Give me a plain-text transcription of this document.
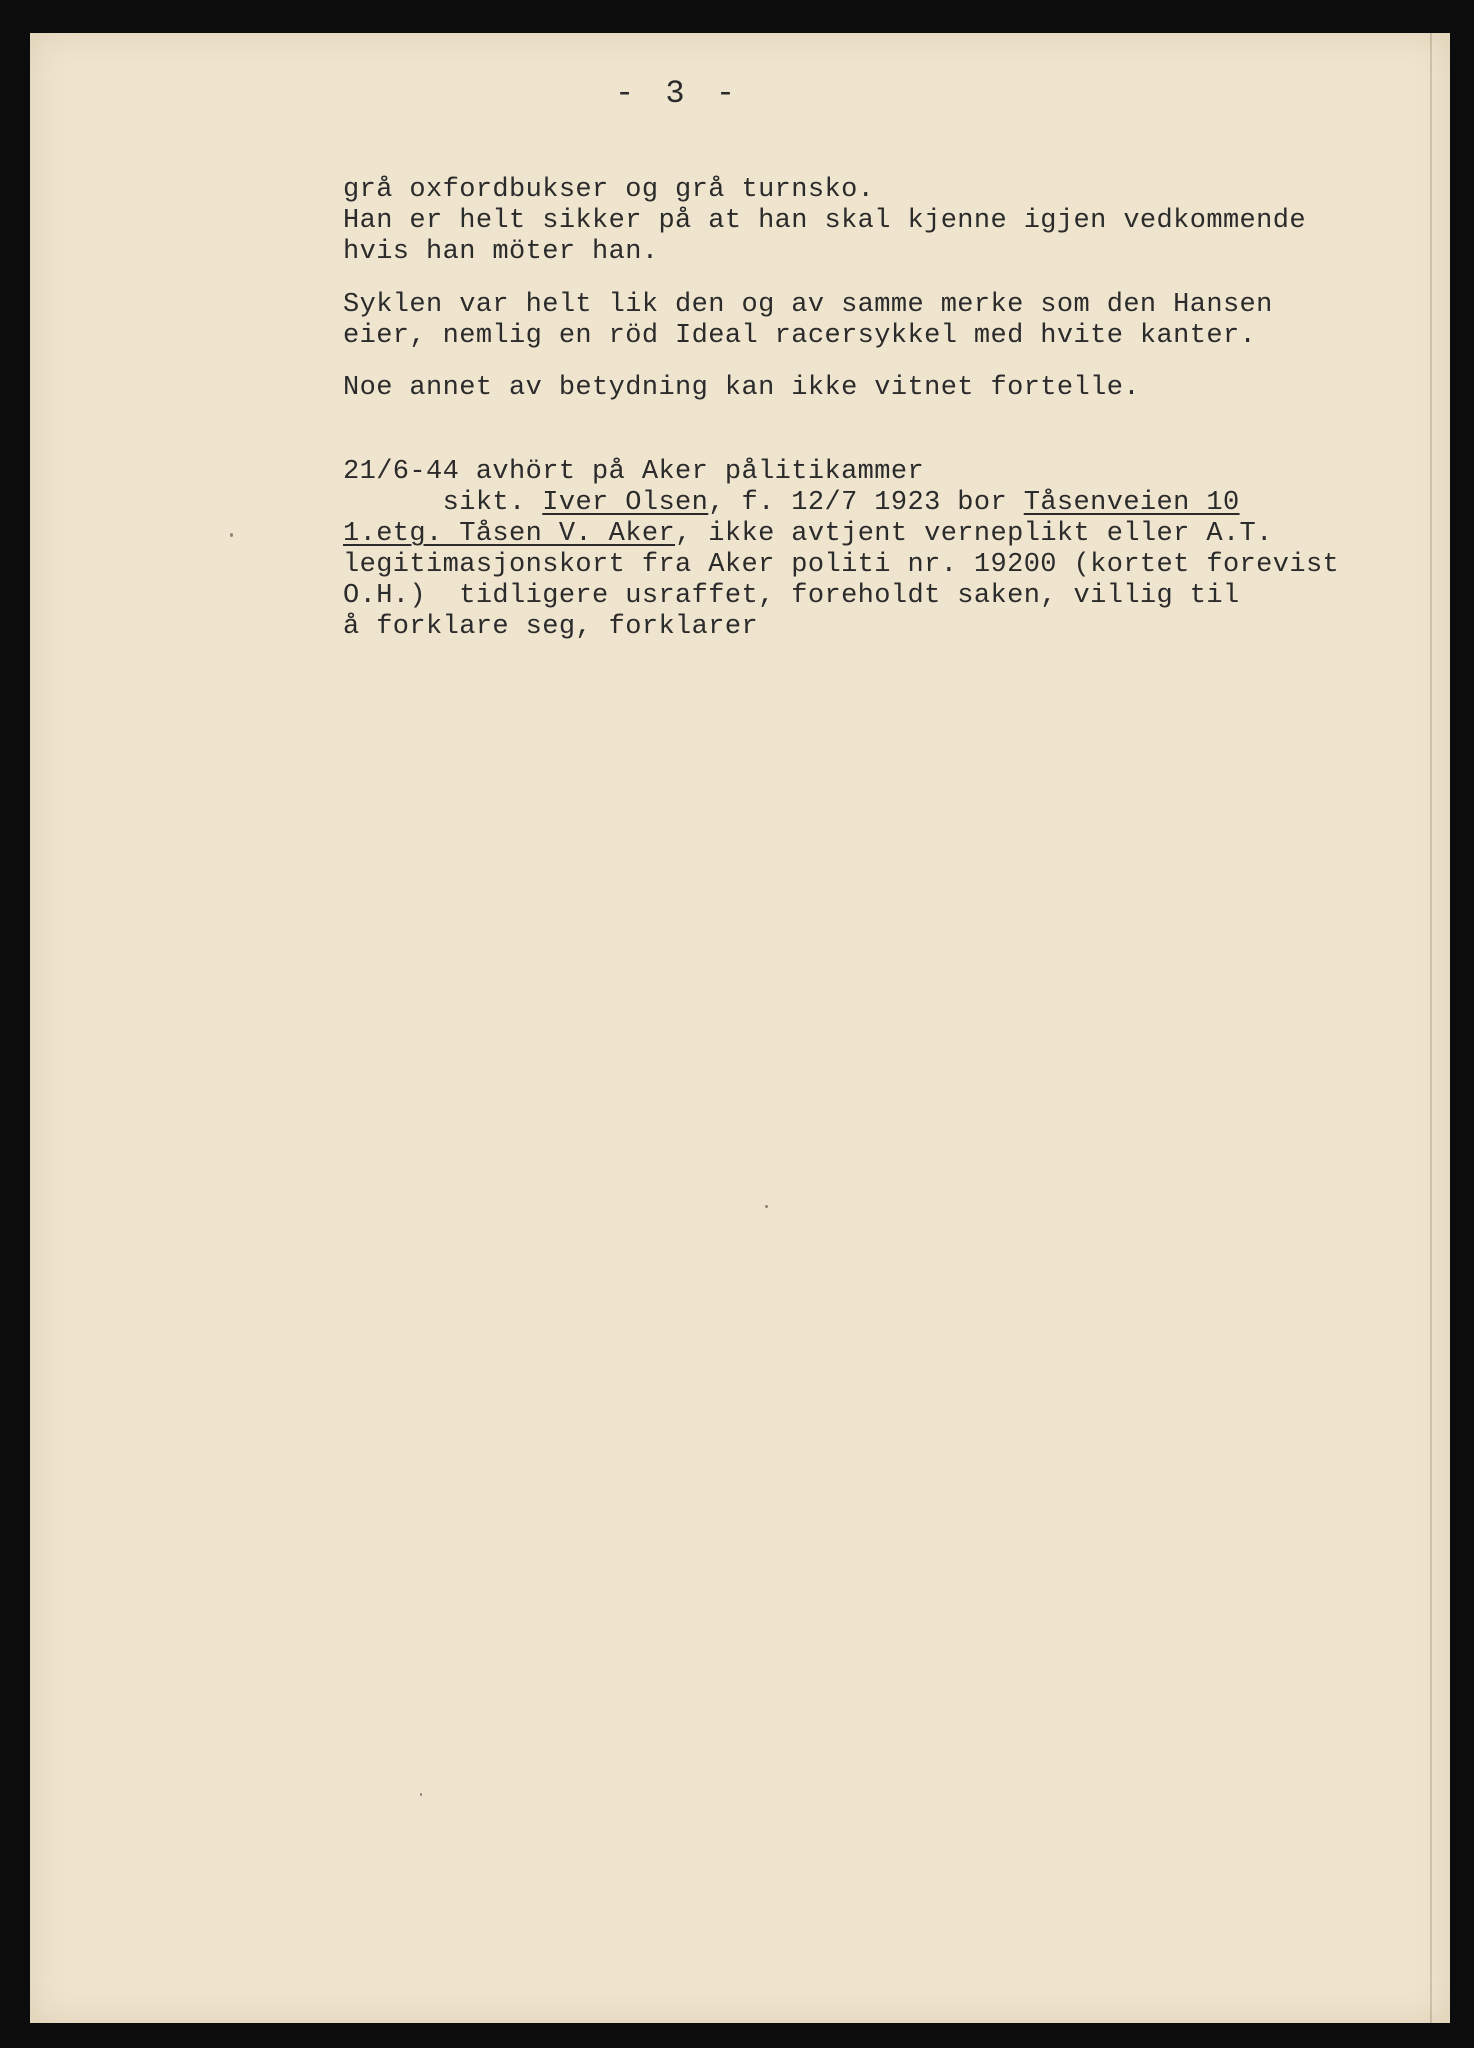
- 3 -

grå oxfordbukser og grå turnsko.

Han er helt sikker på at han skal kjenne igjen vedkommende

hvis han möter han.

Syklen var helt lik den og av samme merke som den Hansen

eier, nemlig en röd Ideal racersykkel med hvite kanter.

Noe annet av betydning kan ikke vitnet fortelle.

21/6-44 avhört på Aker pålitikammer

sikt. Iver Olsen, f. 12/7 1923 bor Tåsenveien 10

1.etg. Tåsen V. Aker, ikke avtjent verneplikt eller A.T.

legitimasjonskort fra Aker politi nr. 19200 (kortet forevist

O.H.)  tidligere usraffet, foreholdt saken, villig til

å forklare seg, forklarer
